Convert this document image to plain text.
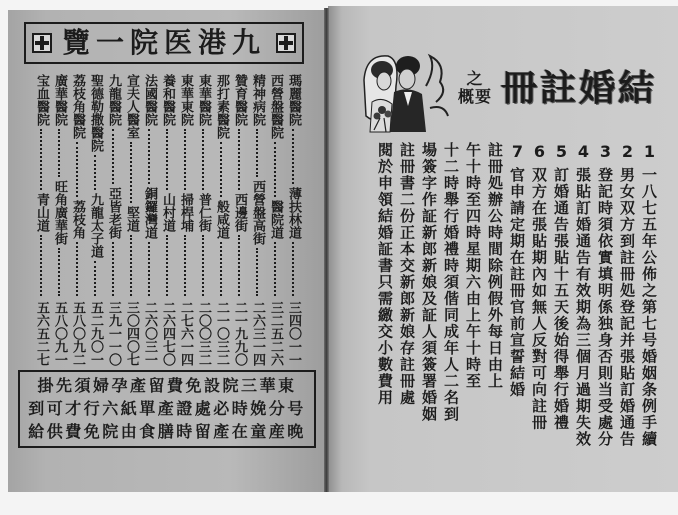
九港医院一覽
瑪麗醫院
薄扶林道
三四〇一一
西營盤醫院
醫院道
三二五二六
精神病院
西營盤高街
二六三一四
贊育醫院
西邊街
二一九九〇
那打素醫院
般咸道
二一〇三二
東華醫院
普仁街
二〇〇三二
東華東院
掃桿埔
二七六一四
養和醫院
山村道
二六四七〇
法國醫院
銅鑼灣道
二六〇三一
宣夫人醫室
堅道
三〇四〇七
九龍醫院
亞皆老街
三九一一〇
聖德勒撒醫院
九龍太子道
五二九〇一
荔枝角醫院
荔枝角
五八〇九二
廣華醫院
旺角廣華街
五八〇九一
宝血醫院
青山道
五六五二七
東華三院設免費留產孕婦須先掛
号分娩時必處證產單紙六行才可到
晚産童在產留時膳食由院免費供給
之
概要 結婚註冊
1
一八七五年公佈之第七号婚姻条例手續
2
男女双方到註冊処登記并張貼訂婚通告
3
登記時須依實填明係独身否則当受處分
4
張貼訂婚通告有效期為三個月過期失效
5
訂婚通告張貼十五天後始得舉行婚禮
6
双方在張貼期內如無人反對可向註冊
7
官申請定期在註冊官前宣誓結婚
註冊処辦公時間除例假外每日由上
午十時至四時星期六由上午十時至
十二時舉行婚禮時須偕同成年人二名到
場簽字作証新郎新娘及証人須簽署婚姻
註冊書二份正本交新郎新娘存註冊處
閱於申領結婚証書只需繳交小數費用
